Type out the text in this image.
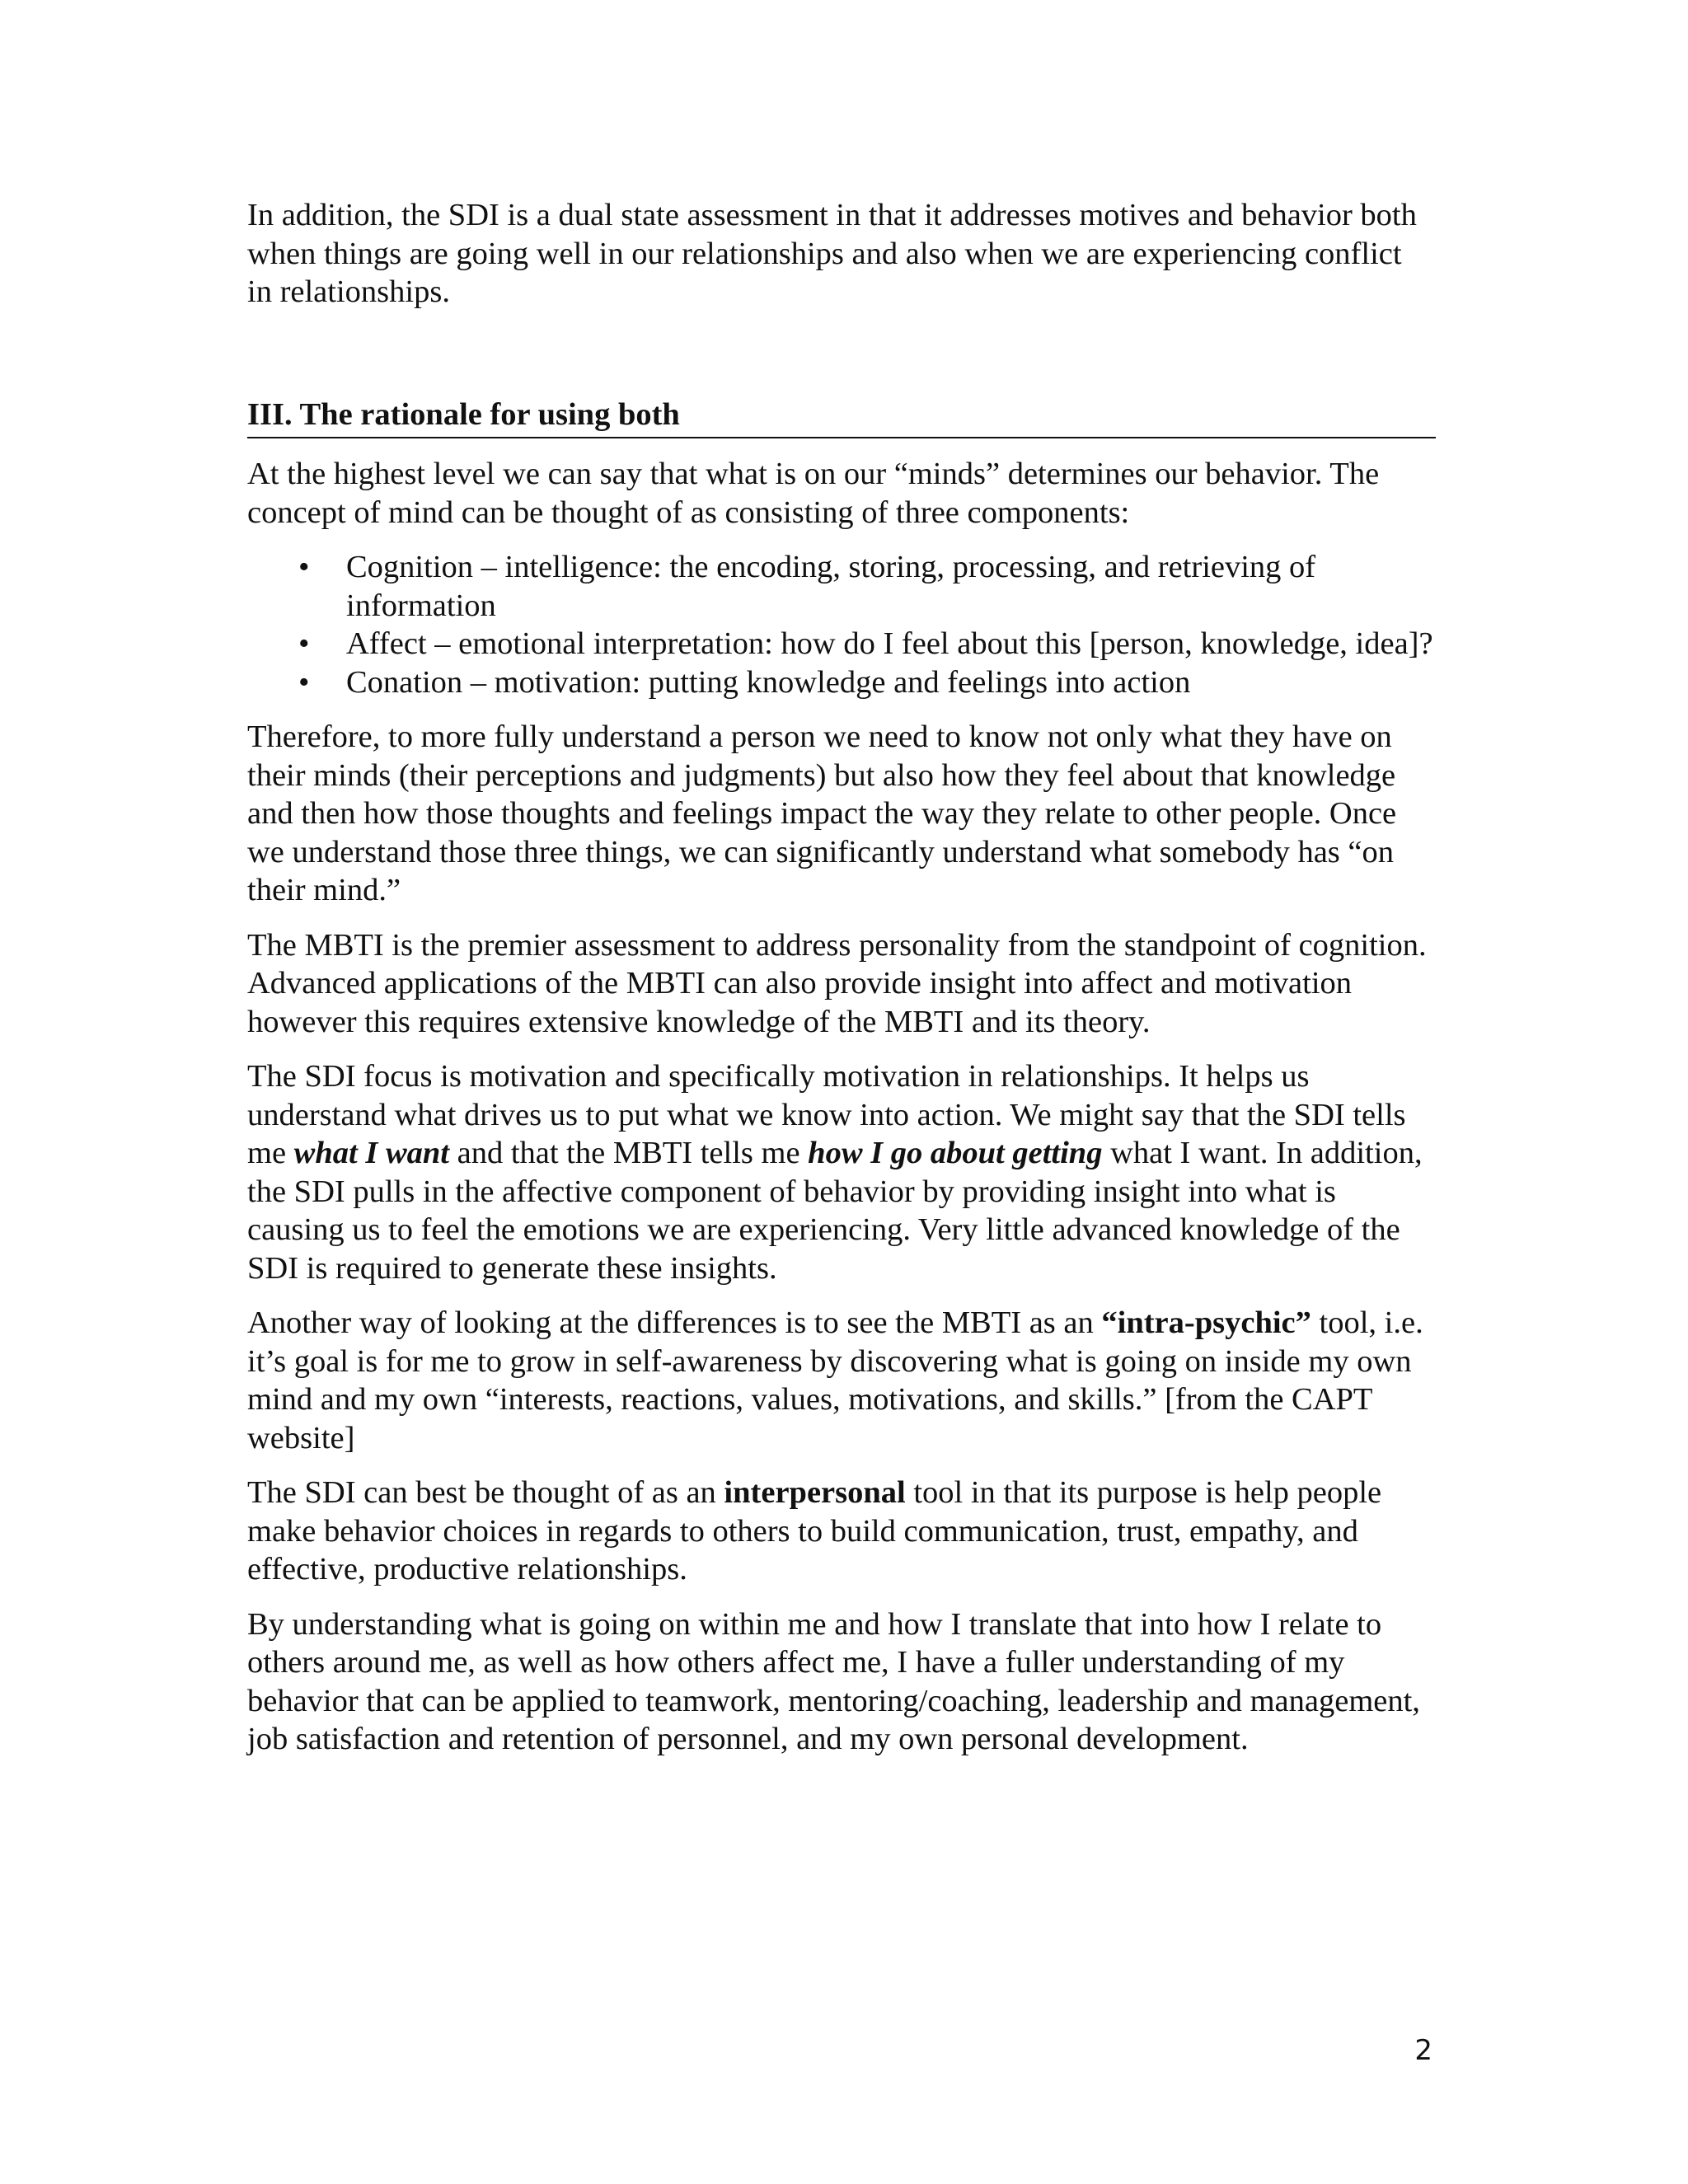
In addition, the SDI is a dual state assessment in that it addresses motives and behavior both when things are going well in our relationships and also when we are experiencing conflict in relationships.

III. The rationale for using both

At the highest level we can say that what is on our “minds” determines our behavior. The concept of mind can be thought of as consisting of three components:

• Cognition – intelligence: the encoding, storing, processing, and retrieving of information
• Affect – emotional interpretation: how do I feel about this [person, knowledge, idea]?
• Conation – motivation: putting knowledge and feelings into action

Therefore, to more fully understand a person we need to know not only what they have on their minds (their perceptions and judgments) but also how they feel about that knowledge and then how those thoughts and feelings impact the way they relate to other people. Once we understand those three things, we can significantly understand what somebody has “on their mind.”

The MBTI is the premier assessment to address personality from the standpoint of cognition. Advanced applications of the MBTI can also provide insight into affect and motivation however this requires extensive knowledge of the MBTI and its theory.

The SDI focus is motivation and specifically motivation in relationships. It helps us understand what drives us to put what we know into action. We might say that the SDI tells me what I want and that the MBTI tells me how I go about getting what I want. In addition, the SDI pulls in the affective component of behavior by providing insight into what is causing us to feel the emotions we are experiencing. Very little advanced knowledge of the SDI is required to generate these insights.

Another way of looking at the differences is to see the MBTI as an “intra-psychic” tool, i.e. it’s goal is for me to grow in self-awareness by discovering what is going on inside my own mind and my own “interests, reactions, values, motivations, and skills.” [from the CAPT website]

The SDI can best be thought of as an interpersonal tool in that its purpose is help people make behavior choices in regards to others to build communication, trust, empathy, and effective, productive relationships.

By understanding what is going on within me and how I translate that into how I relate to others around me, as well as how others affect me, I have a fuller understanding of my behavior that can be applied to teamwork, mentoring/coaching, leadership and management, job satisfaction and retention of personnel, and my own personal development.

2
